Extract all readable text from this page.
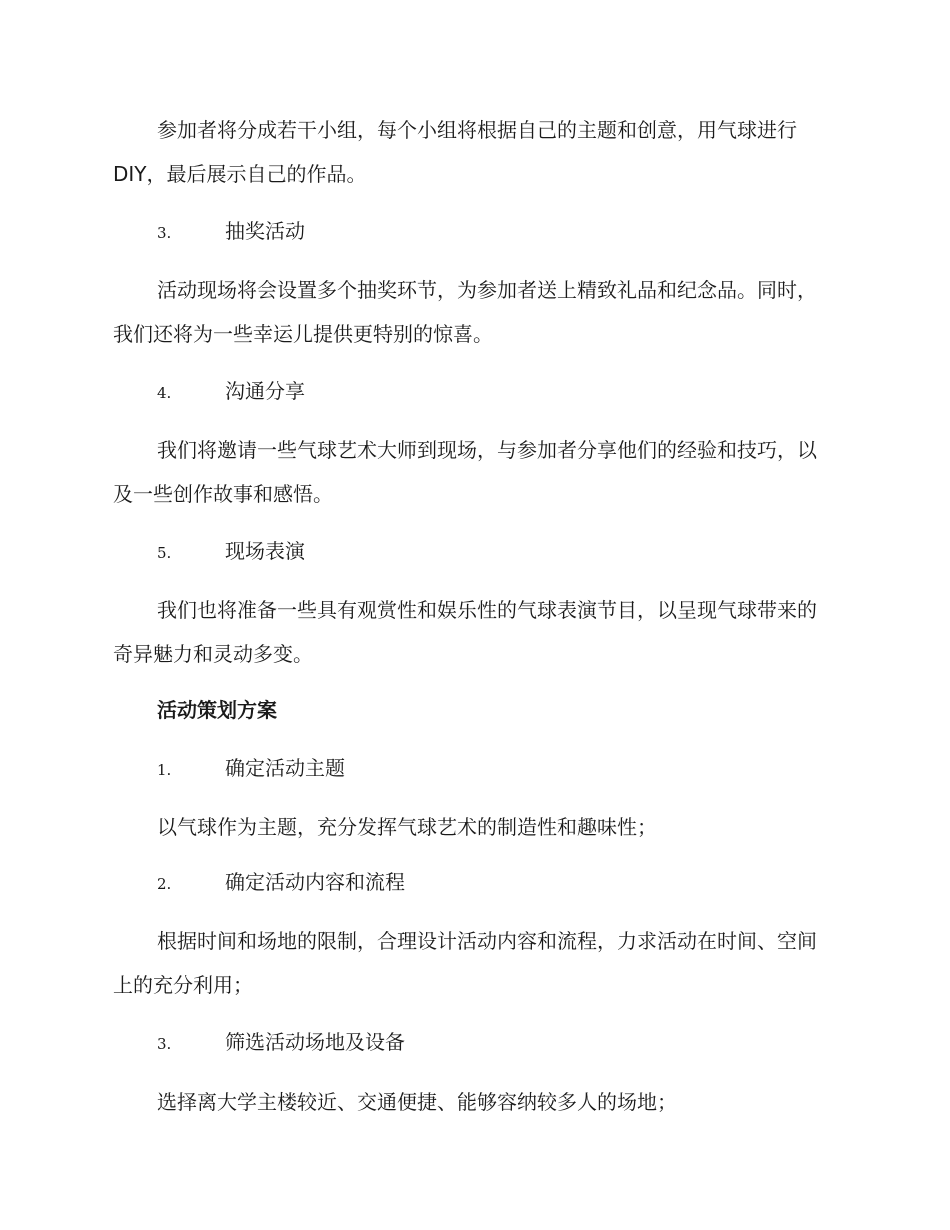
参加者将分成若干小组，每个小组将根据自己的主题和创意，用气球进行 DIY，最后展示自己的作品。
3.	抽奖活动
活动现场将会设置多个抽奖环节，为参加者送上精致礼品和纪念品。同时，我们还将为一些幸运儿提供更特别的惊喜。
4.	沟通分享
我们将邀请一些气球艺术大师到现场，与参加者分享他们的经验和技巧，以及一些创作故事和感悟。
5.	现场表演
我们也将准备一些具有观赏性和娱乐性的气球表演节目，以呈现气球带来的奇异魅力和灵动多变。
活动策划方案
1.	确定活动主题
以气球作为主题，充分发挥气球艺术的制造性和趣味性；
2.	确定活动内容和流程
根据时间和场地的限制，合理设计活动内容和流程，力求活动在时间、空间上的充分利用；
3.	筛选活动场地及设备
选择离大学主楼较近、交通便捷、能够容纳较多人的场地；
